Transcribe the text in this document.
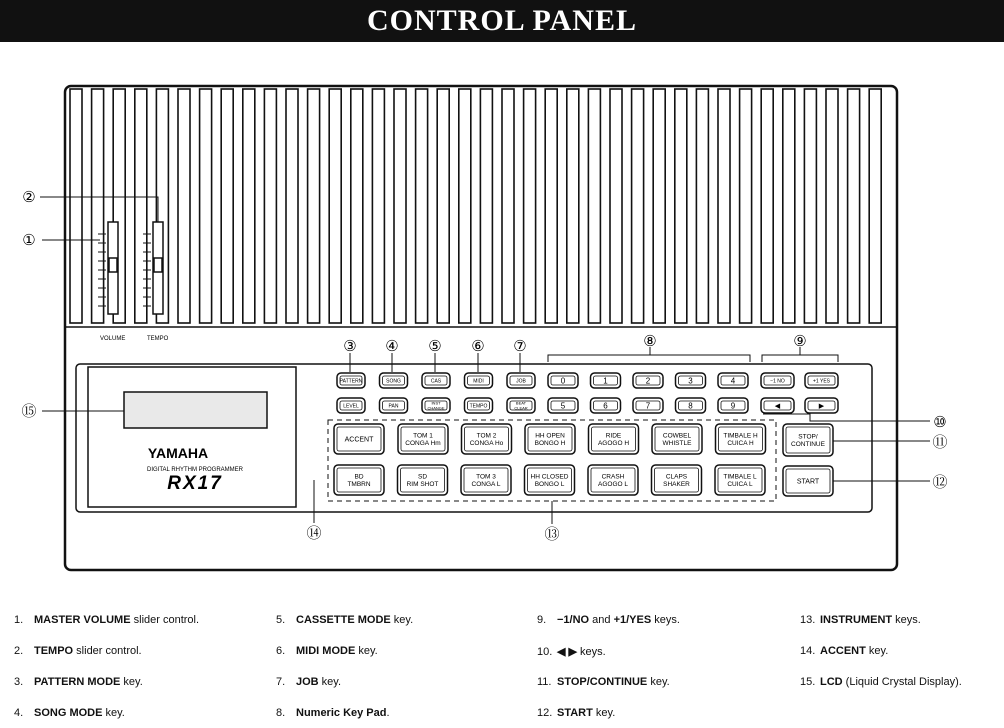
CONTROL PANEL
VOLUME	TEMPO
YAMAHA
DIGITAL RHYTHM PROGRAMMER
RX17
PATTERN	SONG	CAS	MIDI	JOB
LEVEL	PAN
INST
CHANGE	TEMPO
BEAT
CLEAR
0	1	2	3	4
5	6	7	8	9
−1 NO	+1 YES
◀	▶
TOM 1
CONGA Hm
TOM 2
CONGA Ho
HH OPEN
BONGO H
RIDE
AGOGO H
COWBEL
WHISTLE
TIMBALE H
CUICA H
BD
TMBRN
SD
RIM SHOT
TOM 3
CONGA L
HH CLOSED
BONGO L
CRASH
AGOGO L
CLAPS
SHAKER
TIMBALE L
CUICA L
ACCENT	STOP/
CONTINUE
START
②
①
③ ④ ⑤ ⑥ ⑦	⑧	⑨
⑩
⑪
⑫
⑬
⑭
⑮
1. MASTER VOLUME slider control.
2. TEMPO slider control.
3. PATTERN MODE key.
4. SONG MODE key.
5. CASSETTE MODE key.
6. MIDI MODE key.
7. JOB key.
8. Numeric Key Pad.
9. −1/NO and +1/YES keys.
10. ◀ ▶ keys.
11. STOP/CONTINUE key.
12. START key.
13. INSTRUMENT keys.
14. ACCENT key.
15. LCD (Liquid Crystal Display).
